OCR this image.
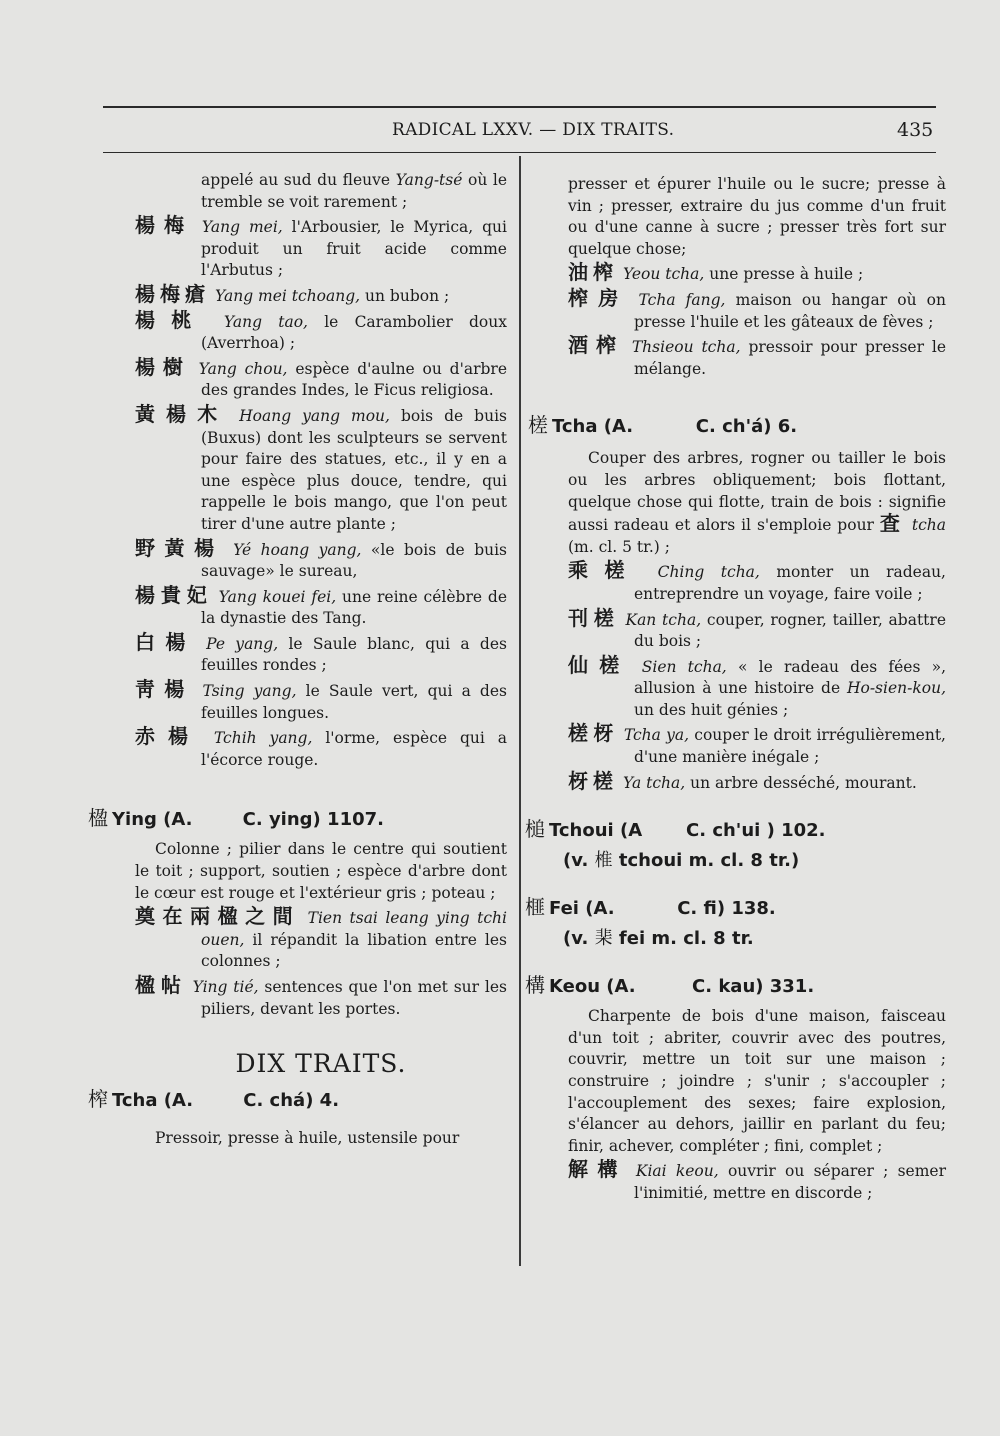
RADICAL LXXV. — DIX TRAITS.	435

appelé au sud du fleuve Yang-tsé où le tremble se voit rarement ;

楊梅 Yang mei, l'Arbousier, le Myrica, qui produit un fruit acide comme l'Arbutus ;

楊梅瘡 Yang mei tchoang, un bubon ;

楊桃 Yang tao, le Carambolier doux (Averrhoa) ;

楊樹 Yang chou, espèce d'aulne ou d'arbre des grandes Indes, le Ficus religiosa.

黃楊木 Hoang yang mou, bois de buis (Buxus) dont les sculpteurs se servent pour faire des statues, etc., il y en a une espèce plus douce, tendre, qui rappelle le bois mango, que l'on peut tirer d'une autre plante ;

野黃楊 Yé hoang yang, «le bois de buis sauvage» le sureau,

楊貴妃 Yang kouei fei, une reine célèbre de la dynastie des Tang.

白楊 Pe yang, le Saule blanc, qui a des feuilles rondes ;

靑楊 Tsing yang, le Saule vert, qui a des feuilles longues.

赤楊 Tchih yang, l'orme, espèce qui a l'écorce rouge.

楹 Ying (A.        C. ying) 1107.

Colonne ; pilier dans le centre qui soutient le toit ; support, soutien ; espèce d'arbre dont le cœur est rouge et l'extérieur gris ; poteau ;

奠在兩楹之間 Tien tsai leang ying tchi ouen, il répandit la libation entre les colonnes ;

楹帖 Ying tié, sentences que l'on met sur les piliers, devant les portes.

DIX TRAITS.

榨 Tcha (A.        C. chá) 4.

Pressoir, presse à huile, ustensile pour

presser et épurer l'huile ou le sucre; presse à vin ; presser, extraire du jus comme d'un fruit ou d'une canne à sucre ; presser très fort sur quelque chose;

油榨 Yeou tcha, une presse à huile ;

榨房 Tcha fang, maison ou hangar où on presse l'huile et les gâteaux de fèves ;

酒榨 Thsieou tcha, pressoir pour presser le mélange.

槎 Tcha (A.          C. ch'á) 6.

Couper des arbres, rogner ou tailler le bois ou les arbres obliquement; bois flottant, quelque chose qui flotte, train de bois : signifie aussi radeau et alors il s'emploie pour 査 tcha (m. cl. 5 tr.) ;

乘槎 Ching tcha, monter un radeau, entreprendre un voyage, faire voile ;

刊槎 Kan tcha, couper, rogner, tailler, abattre du bois ;

仙槎 Sien tcha, « le radeau des fées », allusion à une histoire de Ho-sien-kou, un des huit génies ;

槎枒 Tcha ya, couper le droit irrégulièrement, d'une manière inégale ;

枒槎 Ya tcha, un arbre desséché, mourant.

槌 Tchoui (A       C. ch'ui ) 102.

(v. 椎 tchoui m. cl. 8 tr.)

榧 Fei (A.          C. fi) 138.

(v. 棐 fei m. cl. 8 tr.

構 Keou (A.         C. kau) 331.

Charpente de bois d'une maison, faisceau d'un toit ; abriter, couvrir avec des poutres, couvrir, mettre un toit sur une maison ; construire ; joindre ; s'unir ; s'accoupler ; l'accouplement des sexes; faire explosion, s'élancer au dehors, jaillir en parlant du feu; finir, achever, compléter ; fini, complet ;

解構 Kiai keou, ouvrir ou séparer ; semer l'inimitié, mettre en discorde ;
